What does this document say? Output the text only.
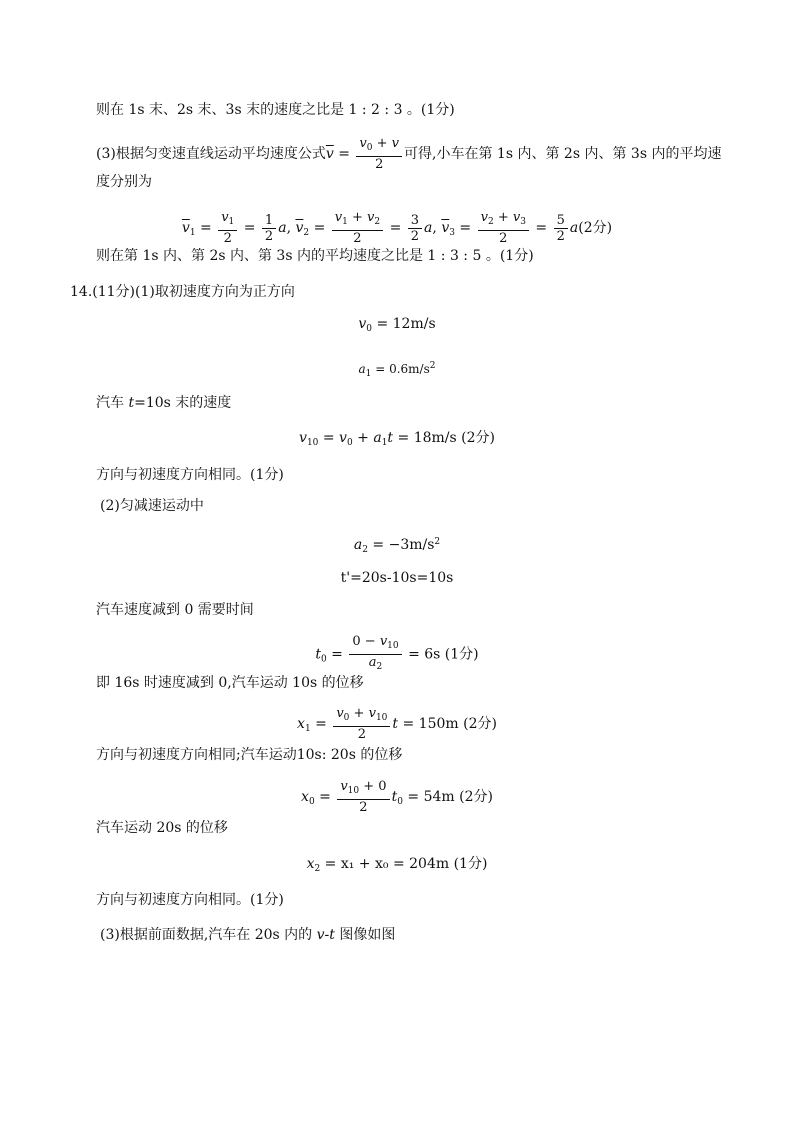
则在 1s 末、2s 末、3s 末的速度之比是 1 : 2 : 3 。(1分)
(3)根据匀变速直线运动平均速度公式$\overline{v} = \frac{v_0 + v}{2}$ 可得,小车在第 1s 内、第 2s 内、第 3s 内的平均速
度分别为
$\overline{v}_1 = \frac{v_1}{2} = \frac{1}{2} a$, $\overline{v}_2 = \frac{v_1 + v_2}{2} = \frac{3}{2} a$, $\overline{v}_3 = \frac{v_2 + v_3}{2} = \frac{5}{2} a(2$分)
则在第 1s 内、第 2s 内、第 3s 内的平均速度之比是 1 : 3 : 5 。(1分)
14.(11分)(1)取初速度方向为正方向
$v_0 = 12m/s$
$a_1 = 0.6m/s^2$
汽车 t=10s 末的速度
$v_{10} = v_0 + a_1t = 18m/s$ (2分)
方向与初速度方向相同。(1分)
(2)匀减速运动中
$a_2 = -3m/s^2$
t'=20s-10s=10s
汽车速度减到 0 需要时间
$t_0 = \frac{0 - v_{10}}{a_2} = 6s$ (1分)
即 16s 时速度减到 0,汽车运动 10s 的位移
$x_1 = \frac{v_0 + v_{10}}{2}$ t = 150m (2分)
方向与初速度方向相同;汽车运动10s: 20s 的位移
$x_0 = \frac{v_{10} + 0}{2} t_0 = 54m$ (2分)
汽车运动 20s 的位移
$x_2 = x_1 + x_0 = 204m$ (1分)
方向与初速度方向相同。(1分)
(3)根据前面数据,汽车在 20s 内的 v-t 图像如图
